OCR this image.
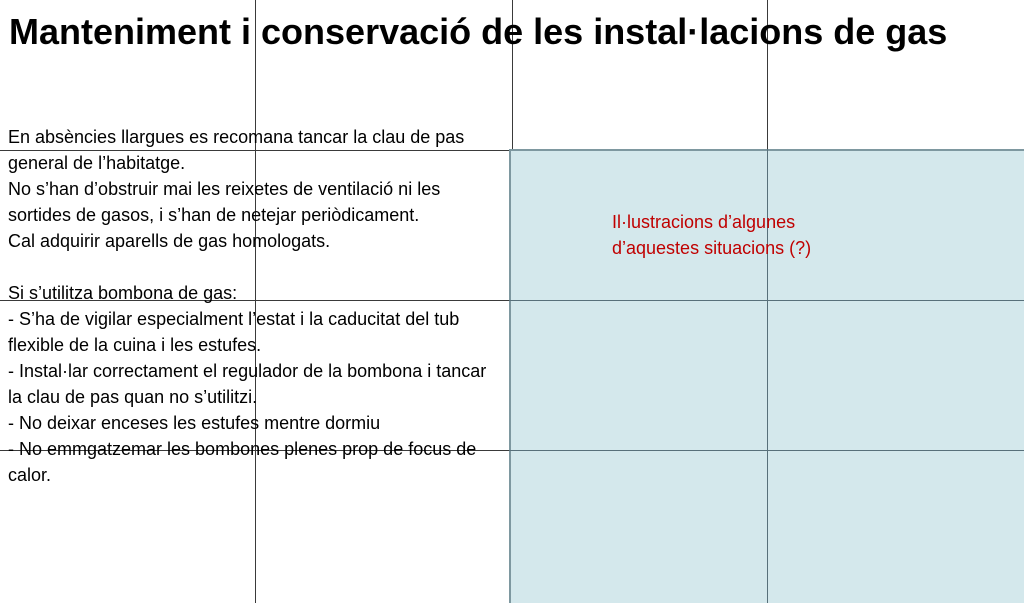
Manteniment i conservació de les instal·lacions de gas

En absències llargues es recomana tancar la clau de pas general de l’habitatge.

No s’han d’obstruir mai les reixetes de ventilació ni les sortides de gasos, i s’han de netejar periòdicament.

Cal adquirir aparells de gas homologats.

Si s’utilitza bombona de gas:

- S’ha de vigilar especialment l’estat i la caducitat del tub flexible de la cuina i les estufes.

- Instal·lar correctament el regulador de la bombona i tancar la clau de pas quan no s’utilitzi.

- No deixar enceses les estufes mentre dormiu

- No emmgatzemar les bombones plenes prop de focus de calor.

Il·lustracions d’algunes

d’aquestes situacions (?)
